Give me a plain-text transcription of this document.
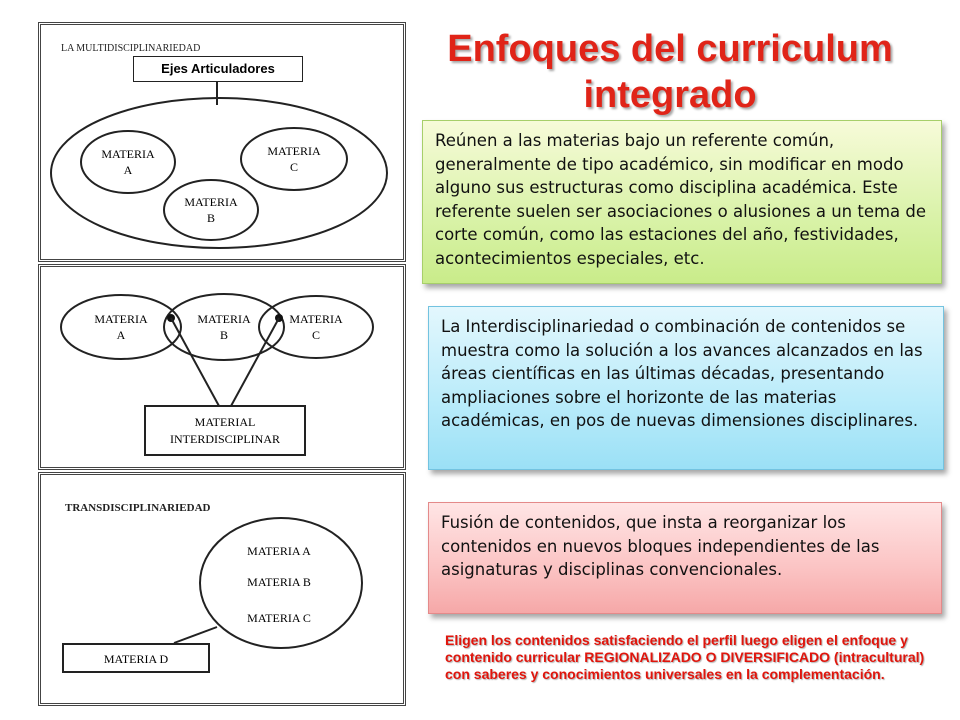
Enfoques del curriculum integrado
LA MULTIDISCIPLINARIEDAD
MATERIA
A
MATERIA
C
MATERIA
B
Ejes Articuladores
MATERIA
A
MATERIA
B
MATERIA
C
MATERIAL
INTERDISCIPLINAR
TRANSDISCIPLINARIEDAD
MATERIA A
MATERIA B
MATERIA C
MATERIA D
Reúnen a las materias bajo un referente común, generalmente de tipo académico, sin modificar en modo alguno sus estructuras como disciplina académica. Este referente suelen ser asociaciones o alusiones a un tema de corte común, como las estaciones del año, festividades, acontecimientos especiales, etc.
La Interdisciplinariedad o combinación de contenidos se muestra como la solución a los avances alcanzados en las áreas científicas en las últimas décadas, presentando ampliaciones sobre el horizonte de las materias académicas, en pos de nuevas dimensiones disciplinares.
Fusión de contenidos, que insta a reorganizar los contenidos en nuevos bloques independientes de las asignaturas y disciplinas convencionales.
Eligen los contenidos satisfaciendo el perfil luego eligen el enfoque y contenido curricular REGIONALIZADO O DIVERSIFICADO (intracultural) con saberes y conocimientos universales en la complementación.
